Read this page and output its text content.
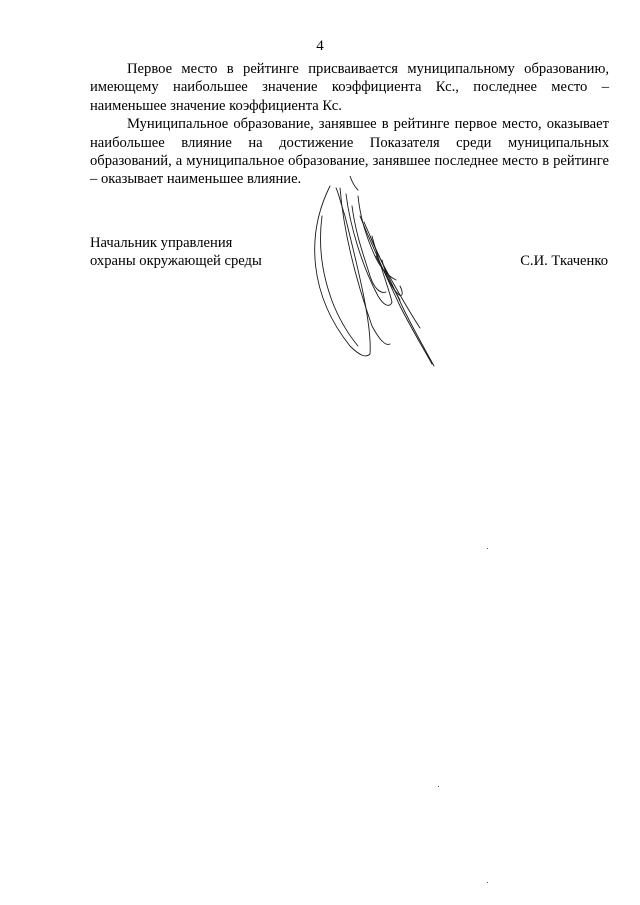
4

Первое место в рейтинге присваивается муниципальному образованию, имеющему наибольшее значение коэффициента Кс., последнее место – наименьшее значение коэффициента Кс.

Муниципальное образование, занявшее в рейтинге первое место, оказывает наибольшее влияние на достижение Показателя среди муниципальных образований, а муниципальное образование, занявшее последнее место в рейтинге – оказывает наименьшее влияние.

Начальник управления
охраны окружающей среды	С.И. Ткаченко
